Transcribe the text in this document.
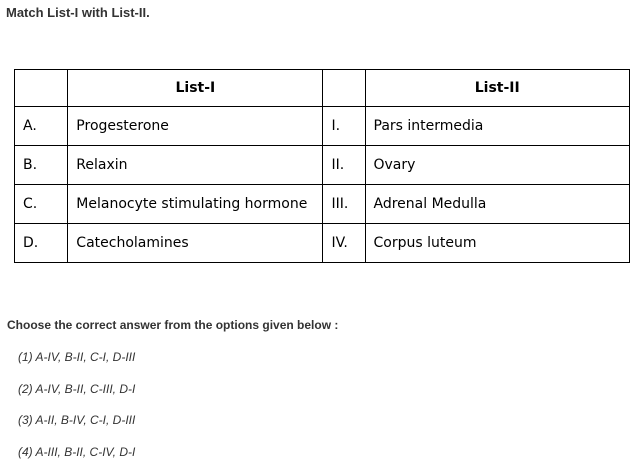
Match List-I with List-II.
	List-I		List-II
A.	Progesterone	I.	Pars intermedia
B.	Relaxin	II.	Ovary
C.	Melanocyte stimulating hormone	III.	Adrenal Medulla
D.	Catecholamines	IV.	Corpus luteum
Choose the correct answer from the options given below :
(1) A-IV, B-II, C-I, D-III
(2) A-IV, B-II, C-III, D-I
(3) A-II, B-IV, C-I, D-III
(4) A-III, B-II, C-IV, D-I
